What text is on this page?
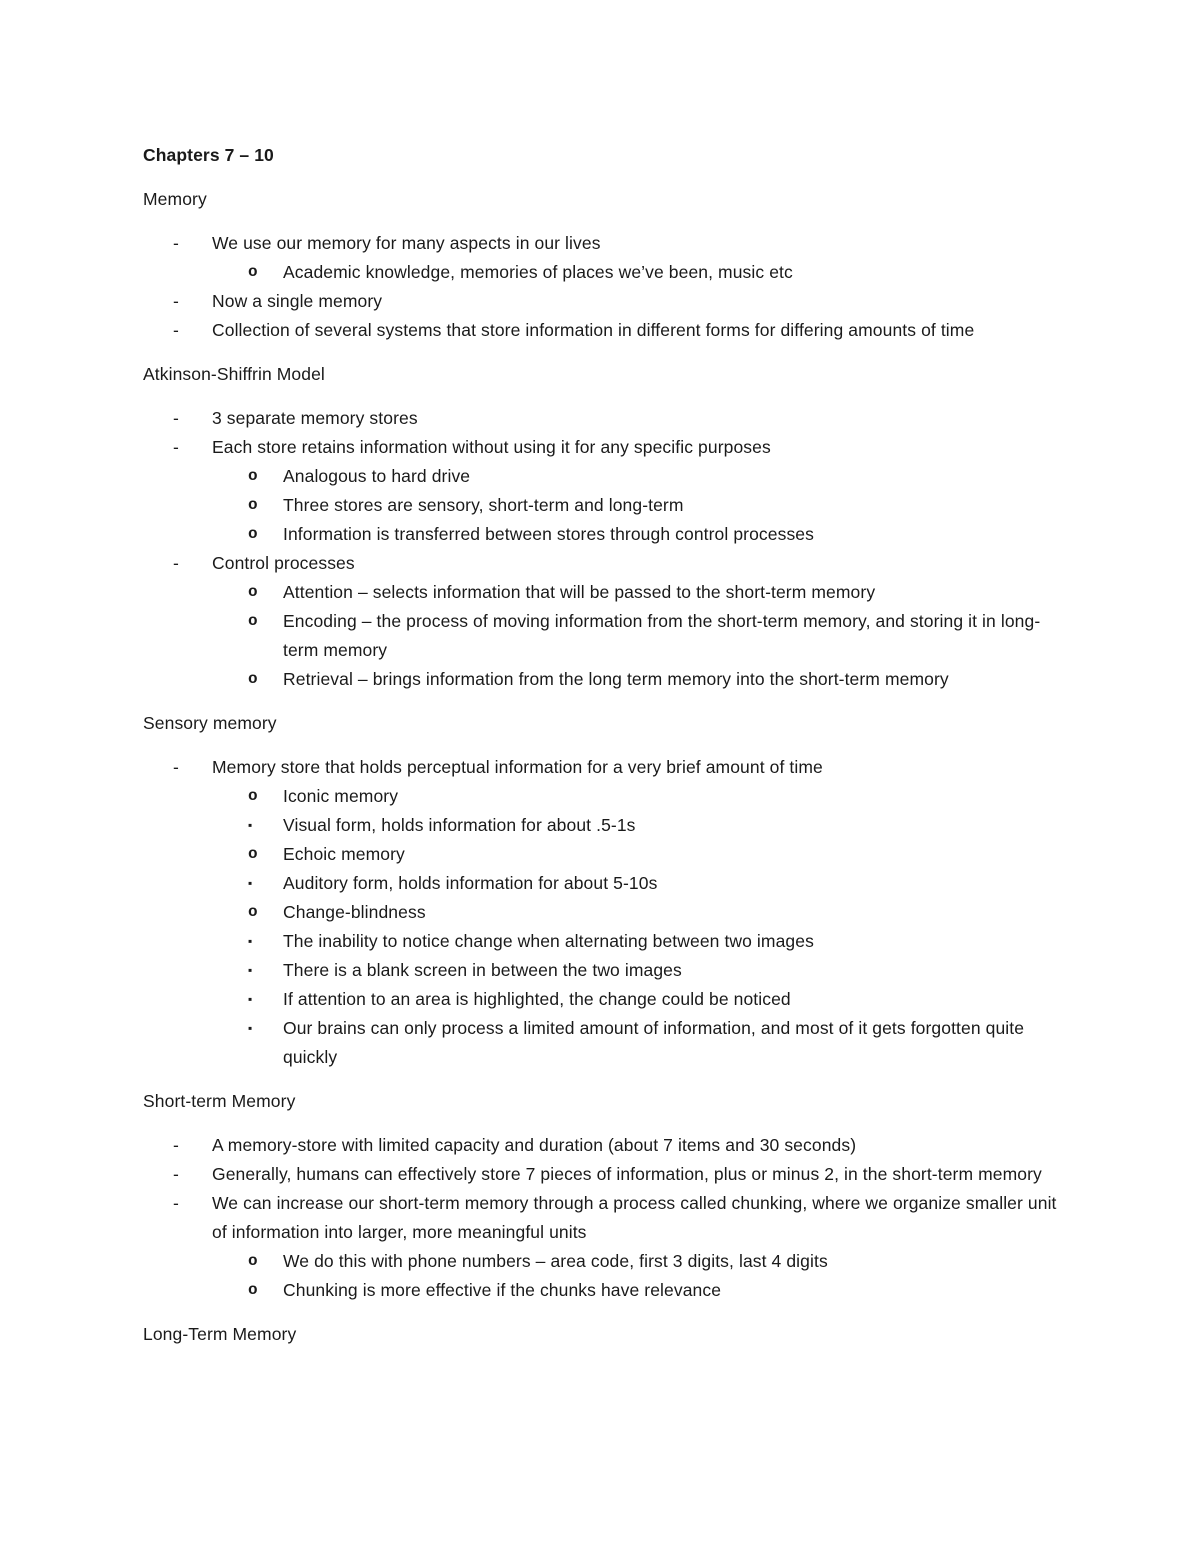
Chapters 7 – 10
Memory
- We use our memory for many aspects in our lives
o Academic knowledge, memories of places we’ve been, music etc
- Now a single memory
- Collection of several systems that store information in different forms for differing amounts of time
Atkinson-Shiffrin Model
- 3 separate memory stores
- Each store retains information without using it for any specific purposes
o Analogous to hard drive
o Three stores are sensory, short-term and long-term
o Information is transferred between stores through control processes
- Control processes
o Attention – selects information that will be passed to the short-term memory
o Encoding – the process of moving information from the short-term memory, and storing it in long-term memory
o Retrieval – brings information from the long term memory into the short-term memory
Sensory memory
- Memory store that holds perceptual information for a very brief amount of time
o Iconic memory
▪ Visual form, holds information for about .5-1s
o Echoic memory
▪ Auditory form, holds information for about 5-10s
o Change-blindness
▪ The inability to notice change when alternating between two images
▪ There is a blank screen in between the two images
▪ If attention to an area is highlighted, the change could be noticed
▪ Our brains can only process a limited amount of information, and most of it gets forgotten quite quickly
Short-term Memory
- A memory-store with limited capacity and duration (about 7 items and 30 seconds)
- Generally, humans can effectively store 7 pieces of information, plus or minus 2, in the short-term memory
- We can increase our short-term memory through a process called chunking, where we organize smaller unit of information into larger, more meaningful units
o We do this with phone numbers – area code, first 3 digits, last 4 digits
o Chunking is more effective if the chunks have relevance
Long-Term Memory
